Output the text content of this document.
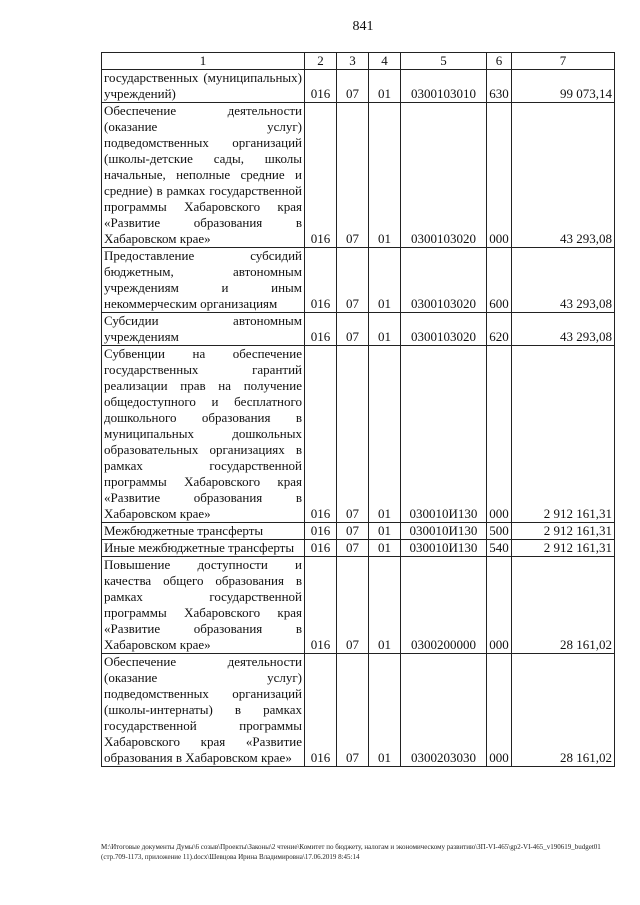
841
1	2	3	4	5	6	7

государственных (муниципальных) учреждений)	016	07	01	0300103010	630	99 073,14

Обеспечение деятельности (оказание услуг) подведомственных организаций (школы-детские сады, школы начальные, неполные средние и средние) в рамках государственной программы Хабаровского края «Развитие образования в Хабаровском крае»	016	07	01	0300103020	000	43 293,08

Предоставление субсидий бюджетным, автономным учреждениям и иным некоммерческим организациям	016	07	01	0300103020	600	43 293,08

Субсидии автономным учреждениям	016	07	01	0300103020	620	43 293,08

Субвенции на обеспечение государственных гарантий реализации прав на получение общедоступного и бесплатного дошкольного образования в муниципальных дошкольных образовательных организациях в рамках государственной программы Хабаровского края «Развитие образования в Хабаровском крае»	016	07	01	030010И130	000	2 912 161,31

Межбюджетные трансферты	016	07	01	030010И130	500	2 912 161,31

Иные межбюджетные трансферты	016	07	01	030010И130	540	2 912 161,31

Повышение доступности и качества общего образования в рамках государственной программы Хабаровского края «Развитие образования в Хабаровском крае»	016	07	01	0300200000	000	28 161,02

Обеспечение деятельности (оказание услуг) подведомственных организаций (школы-интернаты) в рамках государственной программы Хабаровского края «Развитие образования в Хабаровском крае»	016	07	01	0300203030	000	28 161,02
M:\Итоговые документы Думы\6 созыв\Проекты\Законы\2 чтение\Комитет по бюджету, налогам и экономическому развитию\ЗП-VI-465\gp2-VI-465_v190619_budget01 (стр.709-1173, приложение 11).docx\Шевцова Ирина Владимировна\17.06.2019 8:45:14
